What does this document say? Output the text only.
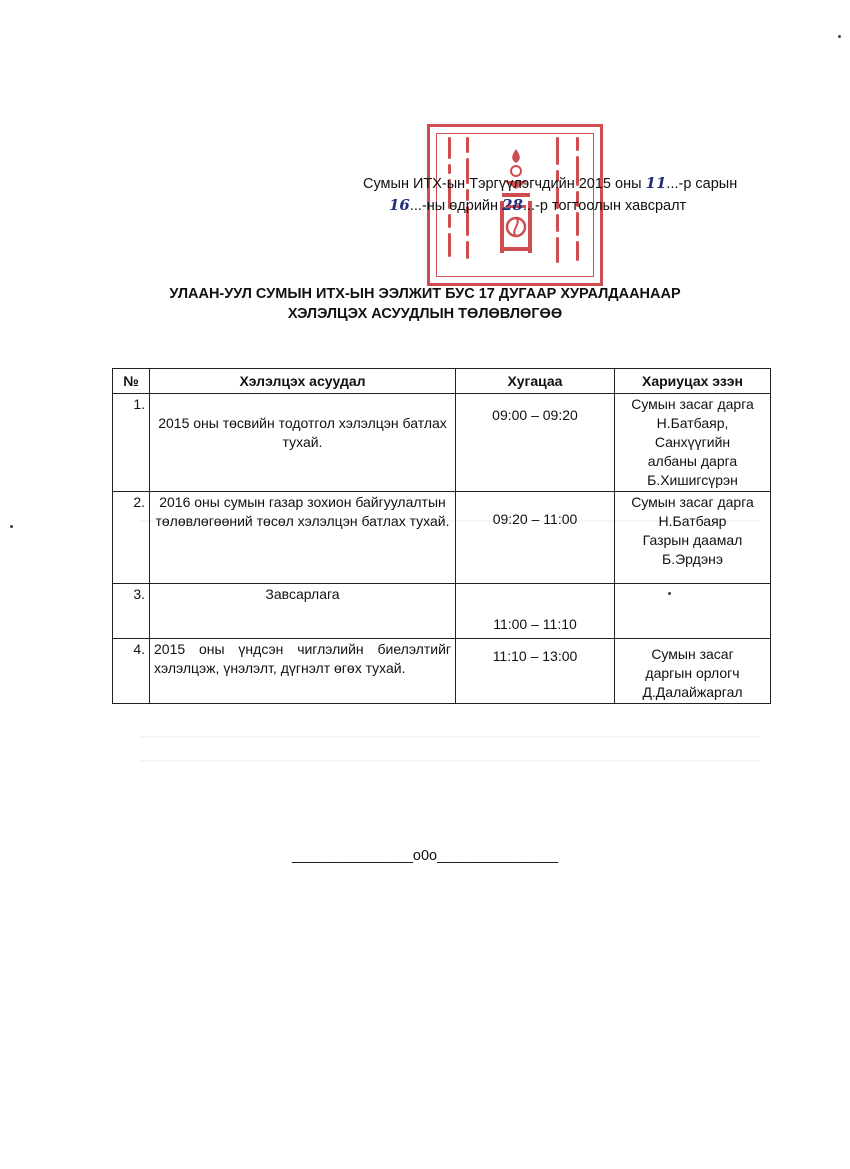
Сумын ИТХ-ын Тэргүүлэгчдийн 2015 оны 11...-р сарын
16...-ны өдрийн 28...-р тогтоолын хавсралт
УЛААН-УУЛ СУМЫН ИТХ-ЫН ЭЭЛЖИТ БУС 17 ДУГААР ХУРАЛДААНААР
ХЭЛЭЛЦЭХ АСУУДЛЫН ТӨЛӨВЛӨГӨӨ
№	Хэлэлцэх асуудал	Хугацаа	Хариуцах эзэн
1.	2015 оны төсвийн тодотгол хэлэлцэн батлах тухай.	09:00 – 09:20	Сумын засаг дарга
Н.Батбаяр,
Санхүүгийн
албаны дарга
Б.Хишигсүрэн

2.	2016 оны сумын газар зохион байгуулалтын төлөвлөгөөний төсөл хэлэлцэн батлах тухай.	09:20 – 11:00	Сумын засаг дарга
Н.Батбаяр
Газрын даамал
Б.Эрдэнэ

3.	Завсарлага	11:00 – 11:10	
4.	2015 оны үндсэн чиглэлийн биелэлтийг хэлэлцэж, үнэлэлт, дүгнэлт өгөх тухай.	11:10 – 13:00	Сумын засаг
даргын орлогч
Д.Далайжаргал
_______________o0o_______________
